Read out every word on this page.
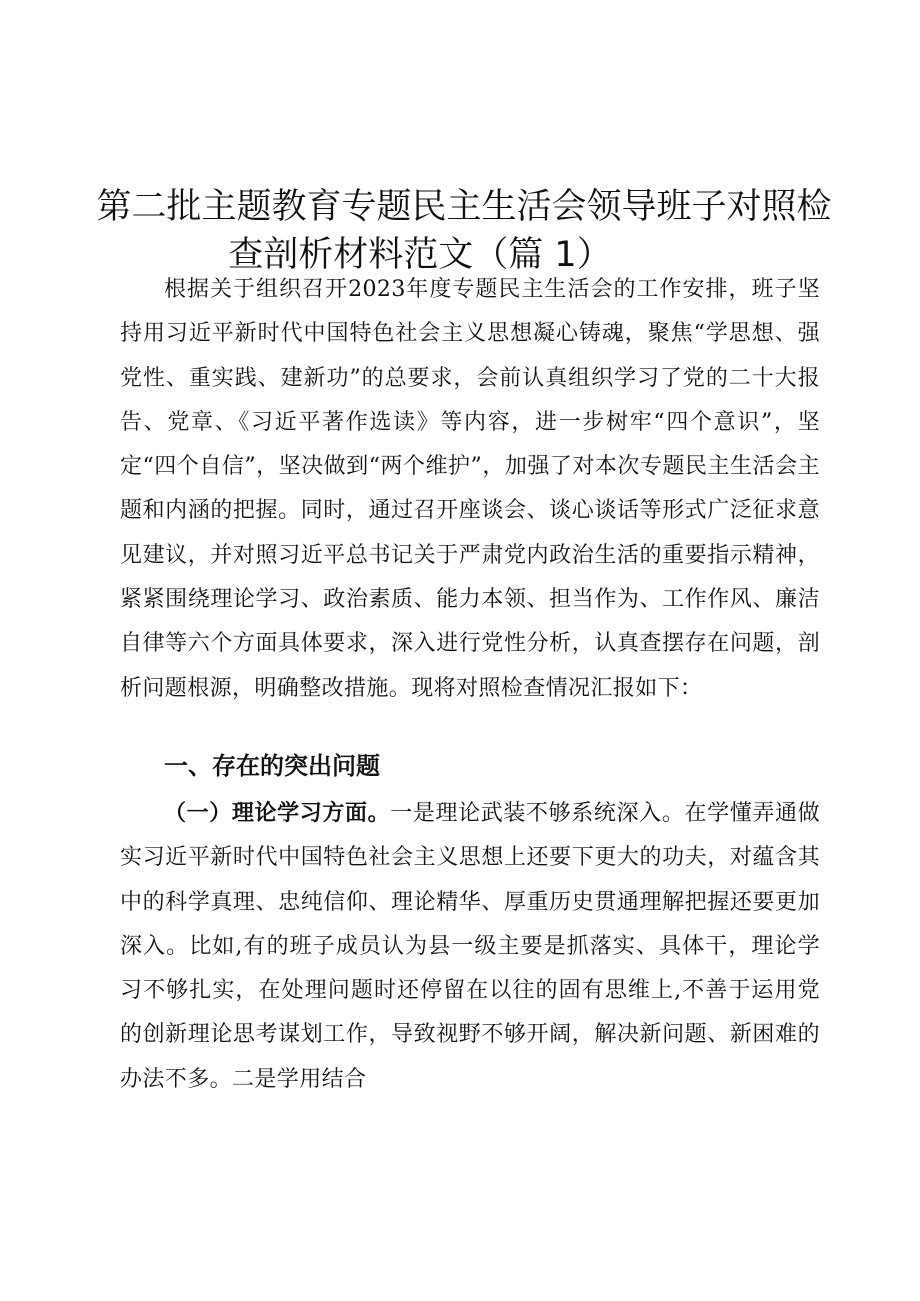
第二批主题教育专题民主生活会领导班子对照检
查剖析材料范文（篇 1）

根据关于组织召开2023年度专题民主生活会的工作安排，班子坚持用习近平新时代中国特色社会主义思想凝心铸魂，聚焦“学思想、强党性、重实践、建新功”的总要求，会前认真组织学习了党的二十大报告、党章、《习近平著作选读》等内容，进一步树牢“四个意识”，坚定“四个自信”，坚决做到“两个维护”，加强了对本次专题民主生活会主题和内涵的把握。同时，通过召开座谈会、谈心谈话等形式广泛征求意见建议，并对照习近平总书记关于严肃党内政治生活的重要指示精神，紧紧围绕理论学习、政治素质、能力本领、担当作为、工作作风、廉洁自律等六个方面具体要求，深入进行党性分析，认真查摆存在问题，剖析问题根源，明确整改措施。现将对照检查情况汇报如下：

一、存在的突出问题

（一）理论学习方面。一是理论武装不够系统深入。在学懂弄通做实习近平新时代中国特色社会主义思想上还要下更大的功夫，对蕴含其中的科学真理、忠纯信仰、理论精华、厚重历史贯通理解把握还要更加深入。比如,有的班子成员认为县一级主要是抓落实、具体干，理论学习不够扎实，在处理问题时还停留在以往的固有思维上,不善于运用党的创新理论思考谋划工作，导致视野不够开阔，解决新问题、新困难的办法不多。二是学用结合
